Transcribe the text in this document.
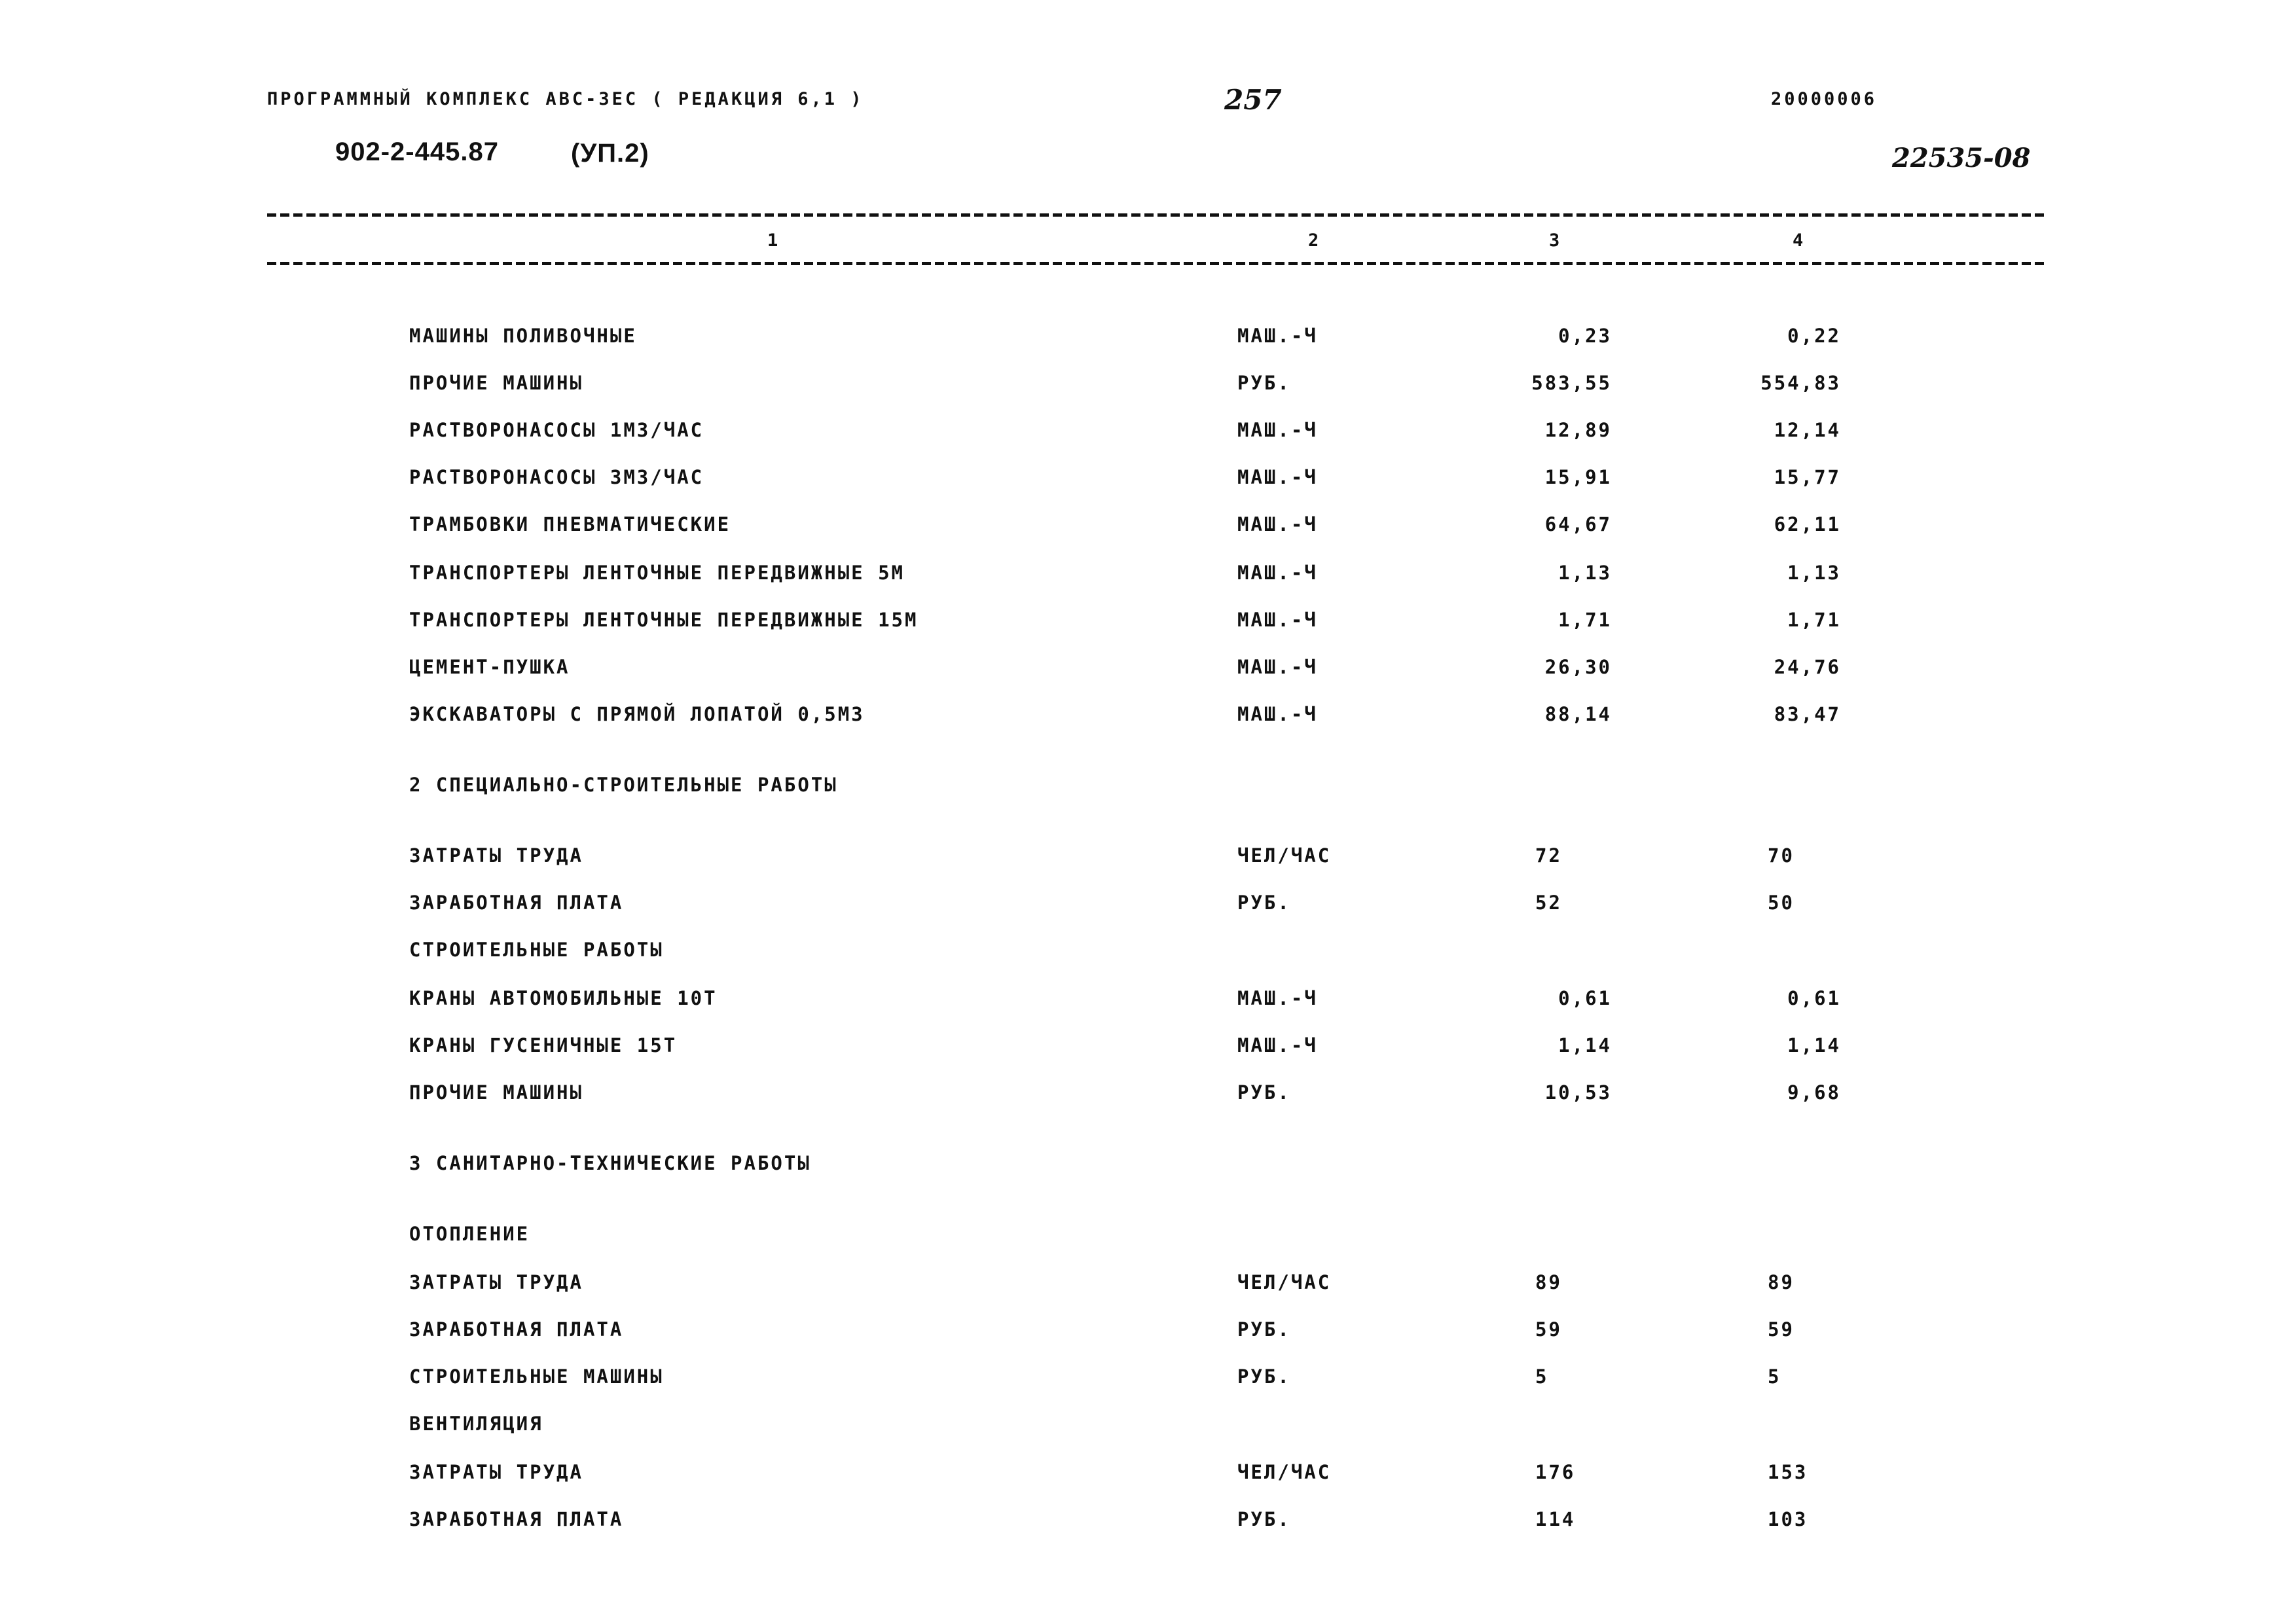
ПРОГРАММНЫЙ КОМПЛЕКС АВС-3ЕС ( РЕДАКЦИЯ 6,1 )	257	20000006
902-2-445.87	(УП.2)	22535-08
1	2	3	4
МАШИНЫ ПОЛИВОЧНЫЕ	МАШ.-Ч	0,23	0,22
ПРОЧИЕ МАШИНЫ	РУБ.	583,55	554,83
РАСТВОРОНАСОСЫ 1М3/ЧАС	МАШ.-Ч	12,89	12,14
РАСТВОРОНАСОСЫ 3М3/ЧАС	МАШ.-Ч	15,91	15,77
ТРАМБОВКИ ПНЕВМАТИЧЕСКИЕ	МАШ.-Ч	64,67	62,11
ТРАНСПОРТЕРЫ ЛЕНТОЧНЫЕ ПЕРЕДВИЖНЫЕ 5М	МАШ.-Ч	1,13	1,13
ТРАНСПОРТЕРЫ ЛЕНТОЧНЫЕ ПЕРЕДВИЖНЫЕ 15М	МАШ.-Ч	1,71	1,71
ЦЕМЕНТ-ПУШКА	МАШ.-Ч	26,30	24,76
ЭКСКАВАТОРЫ С ПРЯМОЙ ЛОПАТОЙ 0,5М3	МАШ.-Ч	88,14	83,47
2 СПЕЦИАЛЬНО-СТРОИТЕЛЬНЫЕ РАБОТЫ
ЗАТРАТЫ ТРУДА	ЧЕЛ/ЧАС	72	70
ЗАРАБОТНАЯ ПЛАТА	РУБ.	52	50
СТРОИТЕЛЬНЫЕ РАБОТЫ
КРАНЫ АВТОМОБИЛЬНЫЕ 10Т	МАШ.-Ч	0,61	0,61
КРАНЫ ГУСЕНИЧНЫЕ 15Т	МАШ.-Ч	1,14	1,14
ПРОЧИЕ МАШИНЫ	РУБ.	10,53	9,68
3 САНИТАРНО-ТЕХНИЧЕСКИЕ РАБОТЫ
ОТОПЛЕНИЕ
ЗАТРАТЫ ТРУДА	ЧЕЛ/ЧАС	89	89
ЗАРАБОТНАЯ ПЛАТА	РУБ.	59	59
СТРОИТЕЛЬНЫЕ МАШИНЫ	РУБ.	5	5
ВЕНТИЛЯЦИЯ
ЗАТРАТЫ ТРУДА	ЧЕЛ/ЧАС	176	153
ЗАРАБОТНАЯ ПЛАТА	РУБ.	114	103
